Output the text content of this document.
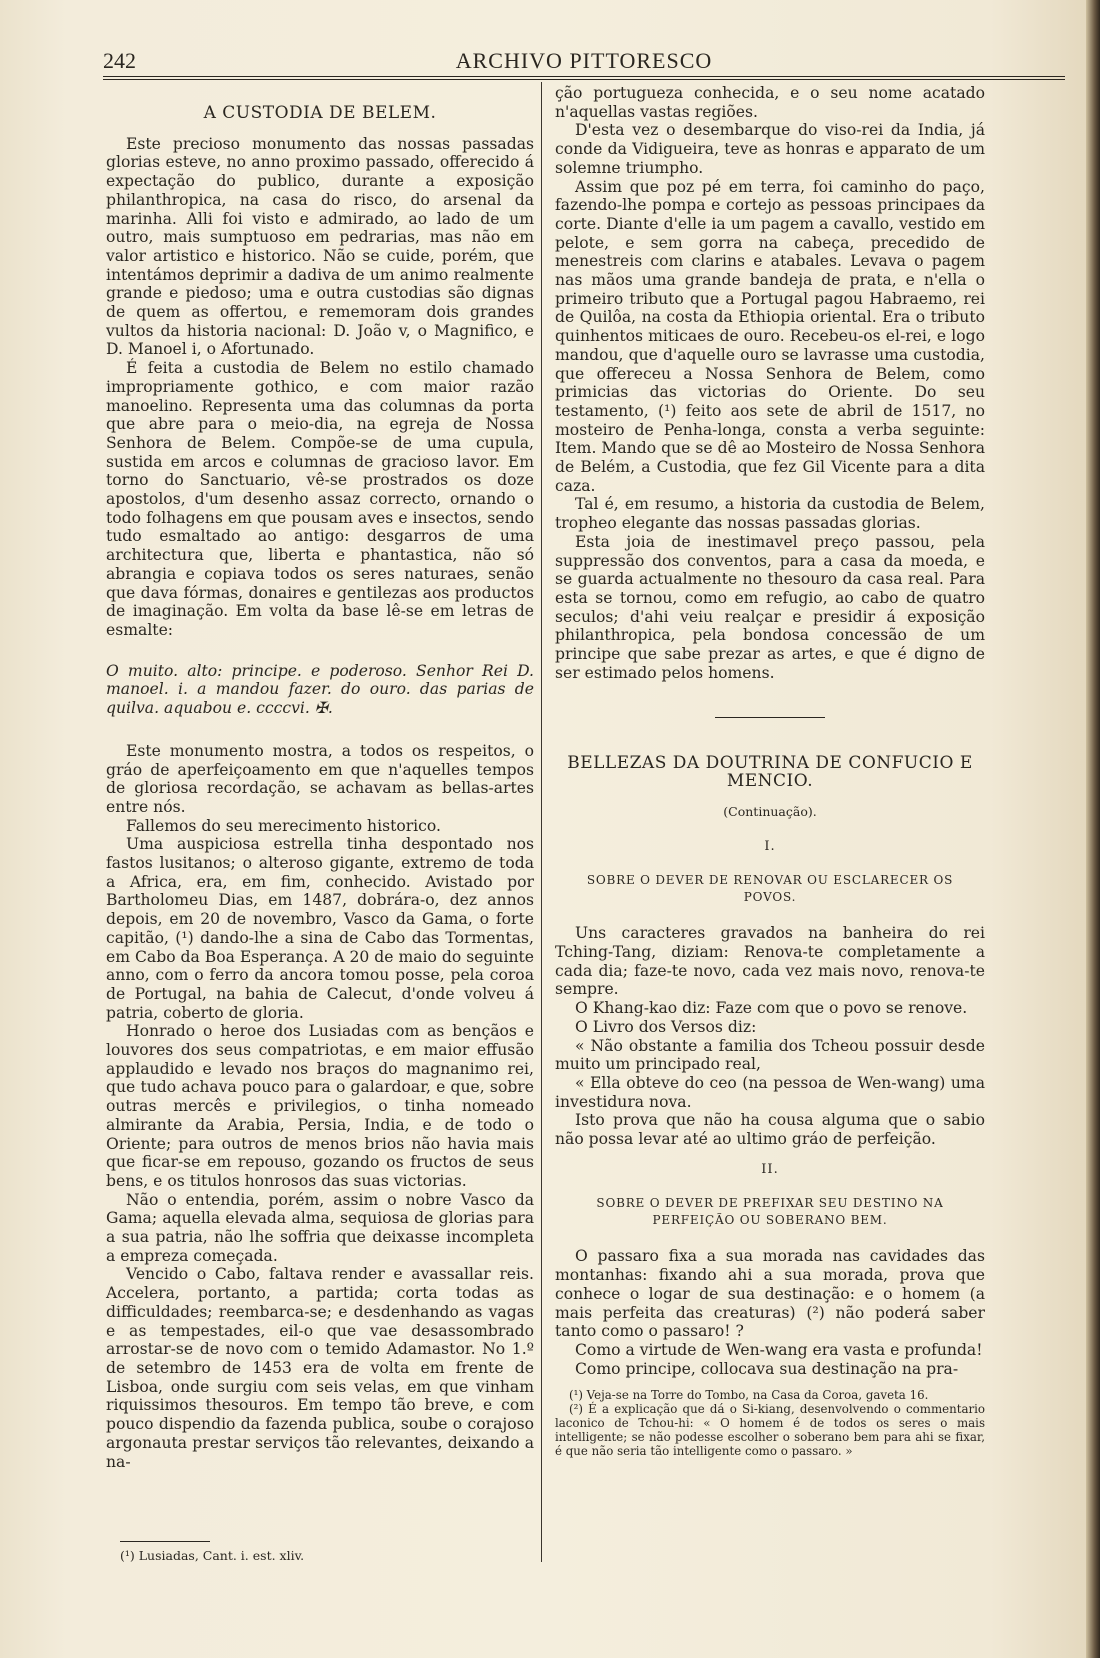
242	ARCHIVO PITTORESCO
A CUSTODIA DE BELEM.

Este precioso monumento das nossas passadas glorias esteve, no anno proximo passado, offerecido á expectação do publico, durante a exposição philanthropica, na casa do risco, do arsenal da marinha. Alli foi visto e admirado, ao lado de um outro, mais sumptuoso em pedrarias, mas não em valor artistico e historico. Não se cuide, porém, que intentámos deprimir a dadiva de um animo realmente grande e piedoso; uma e outra custodias são dignas de quem as offertou, e rememoram dois grandes vultos da historia nacional: D. João v, o Magnifico, e D. Manoel i, o Afortunado.

É feita a custodia de Belem no estilo chamado impropriamente gothico, e com maior razão manoelino. Representa uma das columnas da porta que abre para o meio-dia, na egreja de Nossa Senhora de Belem. Compõe-se de uma cupula, sustida em arcos e columnas de gracioso lavor. Em torno do Sanctuario, vê-se prostrados os doze apostolos, d'um desenho assaz correcto, ornando o todo folhagens em que pousam aves e insectos, sendo tudo esmaltado ao antigo: desgarros de uma architectura que, liberta e phantastica, não só abrangia e copiava todos os seres naturaes, senão que dava fórmas, donaires e gentilezas aos productos de imaginação. Em volta da base lê-se em letras de esmalte:

O muito. alto: principe. e poderoso. Senhor Rei D. manoel. i. a mandou fazer. do ouro. das parias de quilva. aquabou e. ccccvi. ✠.

Este monumento mostra, a todos os respeitos, o gráo de aperfeiçoamento em que n'aquelles tempos de gloriosa recordação, se achavam as bellas-artes entre nós.

Fallemos do seu merecimento historico.

Uma auspiciosa estrella tinha despontado nos fastos lusitanos; o alteroso gigante, extremo de toda a Africa, era, em fim, conhecido. Avistado por Bartholomeu Dias, em 1487, dobrára-o, dez annos depois, em 20 de novembro, Vasco da Gama, o forte capitão, (¹) dando-lhe a sina de Cabo das Tormentas, em Cabo da Boa Esperança. A 20 de maio do seguinte anno, com o ferro da ancora tomou posse, pela coroa de Portugal, na bahia de Calecut, d'onde volveu á patria, coberto de gloria.

Honrado o heroe dos Lusiadas com as bençãos e louvores dos seus compatriotas, e em maior effusão applaudido e levado nos braços do magnanimo rei, que tudo achava pouco para o galardoar, e que, sobre outras mercês e privilegios, o tinha nomeado almirante da Arabia, Persia, India, e de todo o Oriente; para outros de menos brios não havia mais que ficar-se em repouso, gozando os fructos de seus bens, e os titulos honrosos das suas victorias.

Não o entendia, porém, assim o nobre Vasco da Gama; aquella elevada alma, sequiosa de glorias para a sua patria, não lhe soffria que deixasse incompleta a empreza começada.

Vencido o Cabo, faltava render e avassallar reis. Accelera, portanto, a partida; corta todas as difficuldades; reembarca-se; e desdenhando as vagas e as tempestades, eil-o que vae desassombrado arrostar-se de novo com o temido Adamastor. No 1.º de setembro de 1453 era de volta em frente de Lisboa, onde surgiu com seis velas, em que vinham riquissimos thesouros. Em tempo tão breve, e com pouco dispendio da fazenda publica, soube o corajoso argonauta prestar serviços tão relevantes, deixando a na-

(¹) Lusiadas, Cant. i. est. xliv.

ção portugueza conhecida, e o seu nome acatado n'aquellas vastas regiões.

D'esta vez o desembarque do viso-rei da India, já conde da Vidigueira, teve as honras e apparato de um solemne triumpho.

Assim que poz pé em terra, foi caminho do paço, fazendo-lhe pompa e cortejo as pessoas principaes da corte. Diante d'elle ia um pagem a cavallo, vestido em pelote, e sem gorra na cabeça, precedido de menestreis com clarins e atabales. Levava o pagem nas mãos uma grande bandeja de prata, e n'ella o primeiro tributo que a Portugal pagou Habraemo, rei de Quilôa, na costa da Ethiopia oriental. Era o tributo quinhentos miticaes de ouro. Recebeu-os el-rei, e logo mandou, que d'aquelle ouro se lavrasse uma custodia, que offereceu a Nossa Senhora de Belem, como primicias das victorias do Oriente. Do seu testamento, (¹) feito aos sete de abril de 1517, no mosteiro de Penha-longa, consta a verba seguinte: Item. Mando que se dê ao Mosteiro de Nossa Senhora de Belém, a Custodia, que fez Gil Vicente para a dita caza.

Tal é, em resumo, a historia da custodia de Belem, tropheo elegante das nossas passadas glorias.

Esta joia de inestimavel preço passou, pela suppressão dos conventos, para a casa da moeda, e se guarda actualmente no thesouro da casa real. Para esta se tornou, como em refugio, ao cabo de quatro seculos; d'ahi veiu realçar e presidir á exposição philanthropica, pela bondosa concessão de um principe que sabe prezar as artes, e que é digno de ser estimado pelos homens.

BELLEZAS DA DOUTRINA DE CONFUCIO E MENCIO.
(Continuação).
I.
SOBRE O DEVER DE RENOVAR OU ESCLARECER OS POVOS.

Uns caracteres gravados na banheira do rei Tching-Tang, diziam: Renova-te completamente a cada dia; faze-te novo, cada vez mais novo, renova-te sempre.

O Khang-kao diz: Faze com que o povo se renove.

O Livro dos Versos diz:

« Não obstante a familia dos Tcheou possuir desde muito um principado real,

« Ella obteve do ceo (na pessoa de Wen-wang) uma investidura nova.

Isto prova que não ha cousa alguma que o sabio não possa levar até ao ultimo gráo de perfeição.

II.
SOBRE O DEVER DE PREFIXAR SEU DESTINO NA PERFEIÇÃO OU SOBERANO BEM.

O passaro fixa a sua morada nas cavidades das montanhas: fixando ahi a sua morada, prova que conhece o logar de sua destinação: e o homem (a mais perfeita das creaturas) (²) não poderá saber tanto como o passaro! ?

Como a virtude de Wen-wang era vasta e profunda!

Como principe, collocava sua destinação na pra-

(¹) Veja-se na Torre do Tombo, na Casa da Coroa, gaveta 16.

(²) É a explicação que dá o Si-kiang, desenvolvendo o commentario laconico de Tchou-hi: « O homem é de todos os seres o mais intelligente; se não podesse escolher o soberano bem para ahi se fixar, é que não seria tão intelligente como o passaro. »
